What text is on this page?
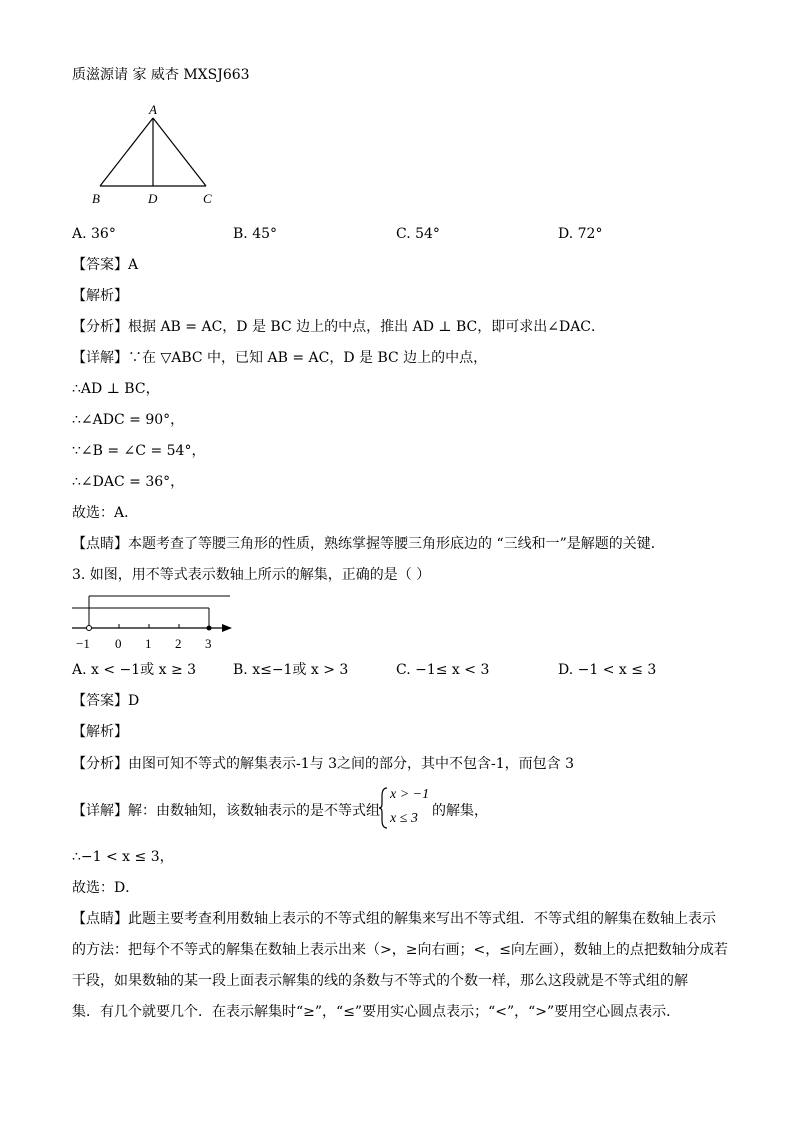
质滋源请 家 威杏 MXSJ663
A
B	D	C
A. 36°	B. 45°	C. 54°	D. 72°
【答案】A
【解析】
【分析】根据 AB = AC，D 是 BC 边上的中点，推出 AD ⊥ BC，即可求出∠DAC．
【详解】∵在 ▽ABC 中，已知 AB = AC，D 是 BC 边上的中点，
∴AD ⊥ BC，
∴∠ADC = 90°，
∵∠B = ∠C = 54°，
∴∠DAC = 36°，
故选：A．
【点睛】本题考查了等腰三角形的性质，熟练掌握等腰三角形底边的 “三线和一”是解题的关键．
3. 如图，用不等式表示数轴上所示的解集，正确的是（ ）
−1 0 1 2 3
A. x < −1或 x ≥ 3	B. x≤−1或 x > 3	C. −1≤ x < 3	D. −1 < x ≤ 3
【答案】D
【解析】
【分析】由图可知不等式的解集表示-1与 3之间的部分，其中不包含-1，而包含 3
【详解】解：由数轴知，该数轴表示的是不等式组
x > −1
x ≤ 3 的解集，
∴−1 < x ≤ 3，
故选：D．
【点睛】此题主要考查利用数轴上表示的不等式组的解集来写出不等式组．不等式组的解集在数轴上表示
的方法：把每个不等式的解集在数轴上表示出来（>，≥向右画；<，≤向左画），数轴上的点把数轴分成若
干段，如果数轴的某一段上面表示解集的线的条数与不等式的个数一样，那么这段就是不等式组的解
集．有几个就要几个．在表示解集时“≥”，“≤”要用实心圆点表示；“<”，“>”要用空心圆点表示．
